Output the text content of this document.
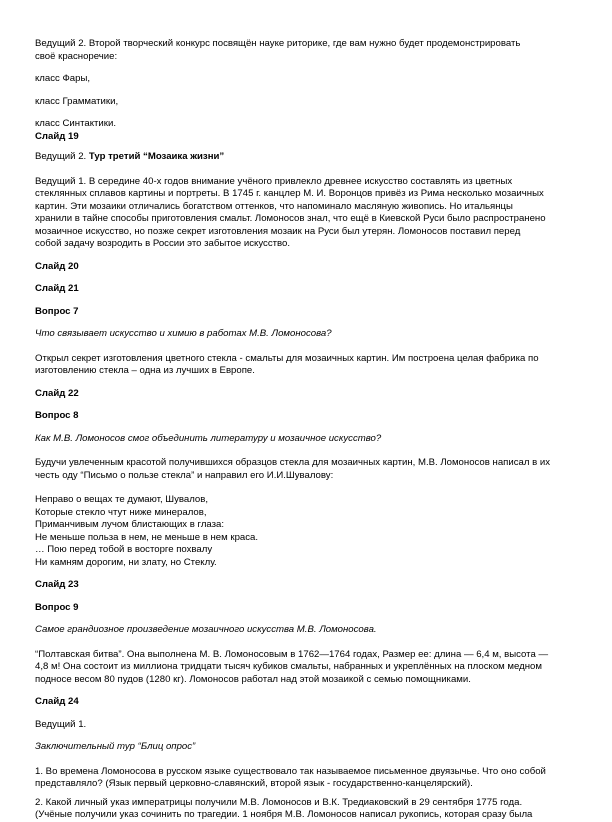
Ведущий 2. Второй творческий конкурс посвящён науке риторике, где вам нужно будет продемонстрировать

своё красноречие:

класс Фары,

класс Грамматики,

класс Синтактики.

Слайд 19

Ведущий 2. Тур третий “Мозаика жизни”

Ведущий 1. В середине 40-х годов внимание учёного привлекло древнее искусство составлять из цветных

стеклянных сплавов картины и портреты. В 1745 г. канцлер М. И. Воронцов привёз из Рима несколько мозаичных

картин. Эти мозаики отличались богатством оттенков, что напоминало масляную живопись. Но итальянцы

хранили в тайне способы приготовления смальт. Ломоносов знал, что ещё в Киевской Руси было распространено

мозаичное искусство, но позже секрет изготовления мозаик на Руси был утерян. Ломоносов поставил перед

собой задачу возродить в России это забытое искусство.

Слайд 20

Слайд 21

Вопрос 7

Что связывает искусство и химию в работах М.В. Ломоносова?

Открыл секрет изготовления цветного стекла - смальты для мозаичных картин. Им построена целая фабрика по

изготовлению стекла – одна из лучших в Европе.

Слайд 22

Вопрос 8

Как М.В. Ломоносов смог объединить литературу и мозаичное искусство?

Будучи увлеченным красотой получившихся образцов стекла для мозаичных картин, М.В. Ломоносов написал в их

честь оду “Письмо о пользе стекла” и направил его И.И.Шувалову:

Неправо о вещах те думают, Шувалов,

Которые стекло чтут ниже минералов,

Приманчивым лучом блистающих в глаза:

Не меньше польза в нем, не меньше в нем краса.

… Пою перед тобой в восторге похвалу

Ни камням дорогим, ни злату, но Стеклу.

Слайд 23

Вопрос 9

Самое грандиозное произведение мозаичного искусства М.В. Ломоносова.

“Полтавская битва”. Она выполнена М. В. Ломоносовым в 1762—1764 годах, Размер ее: длина — 6,4 м, высота —

4,8 м! Она состоит из миллиона тридцати тысяч кубиков смальты, набранных и укреплённых на плоском медном

подносе весом 80 пудов (1280 кг). Ломоносов работал над этой мозаикой с семью помощниками.

Слайд 24

Ведущий 1.

Заключительный тур “Блиц опрос”

1. Во времена Ломоносова в русском языке существовало так называемое письменное двуязычье. Что оно собой

представляло? (Язык первый церковно-славянский, второй язык - государственно-канцелярский).

2. Какой личный указ императрицы получили М.В. Ломоносов и В.К. Тредиаковский в 29 сентября 1775 года.

(Учёные получили указ сочинить по трагедии. 1 ноября М.В. Ломоносов написал рукопись, которая сразу была
